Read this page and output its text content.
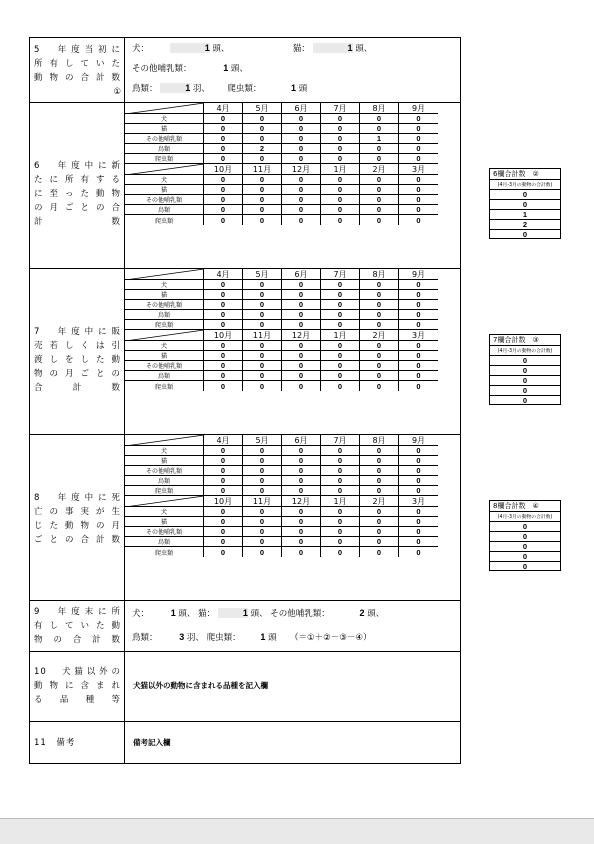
5　年度当初に
所有していた
動物の合計数
①
犬：	1 頭、	猫：	1 頭、
その他哺乳類：	1 頭、
鳥類：	1 羽、 爬虫類：	1 頭
6　年度中に新
たに所有する
に至った動物
の月ごとの合
計数
4月	5月	6月	7月	8月	9月
犬	0	0	0	0	0	0
猫	0	0	0	0	0	0
その他哺乳類	0	0	0	0	1	0
鳥類	0	2	0	0	0	0
爬虫類	0	0	0	0	0	0
10月	11月	12月	1月	2月	3月
犬	0	0	0	0	0	0
猫	0	0	0	0	0	0
その他哺乳類	0	0	0	0	0	0
鳥類	0	0	0	0	0	0
爬虫類	0	0	0	0	0	0
6欄合計数　②
(4月-3月の動物の合計数)
0
0
1
2
0
7　年度中に販
売若しくは引
渡しをした動
物の月ごとの
合計数
4月	5月	6月	7月	8月	9月
犬	0	0	0	0	0	0
猫	0	0	0	0	0	0
その他哺乳類	0	0	0	0	0	0
鳥類	0	0	0	0	0	0
爬虫類	0	0	0	0	0	0
10月	11月	12月	1月	2月	3月
犬	0	0	0	0	0	0
猫	0	0	0	0	0	0
その他哺乳類	0	0	0	0	0	0
鳥類	0	0	0	0	0	0
爬虫類	0	0	0	0	0	0
7欄合計数　③
(4月-3月の動物の合計数)
0
0
0
0
0
8　年度中に死
亡の事実が生
じた動物の月
ごとの合計数
4月	5月	6月	7月	8月	9月
犬	0	0	0	0	0	0
猫	0	0	0	0	0	0
その他哺乳類	0	0	0	0	0	0
鳥類	0	0	0	0	0	0
爬虫類	0	0	0	0	0	0
10月	11月	12月	1月	2月	3月
犬	0	0	0	0	0	0
猫	0	0	0	0	0	0
その他哺乳類	0	0	0	0	0	0
鳥類	0	0	0	0	0	0
爬虫類	0	0	0	0	0	0
8欄合計数　④
(4月-3月の動物の合計数)
0
0
0
0
0
9　年度末に所
有していた動
物の合計数
犬： 1 頭、 猫：	1 頭、 その他哺乳類：	2 頭、
鳥類： 3 羽、 爬虫類： 1 頭 （＝①＋②－③－④）
10　犬猫以外の
動物に含まれ
る品種等
犬猫以外の動物に含まれる品種を記入欄
11　備考	備考記入欄
